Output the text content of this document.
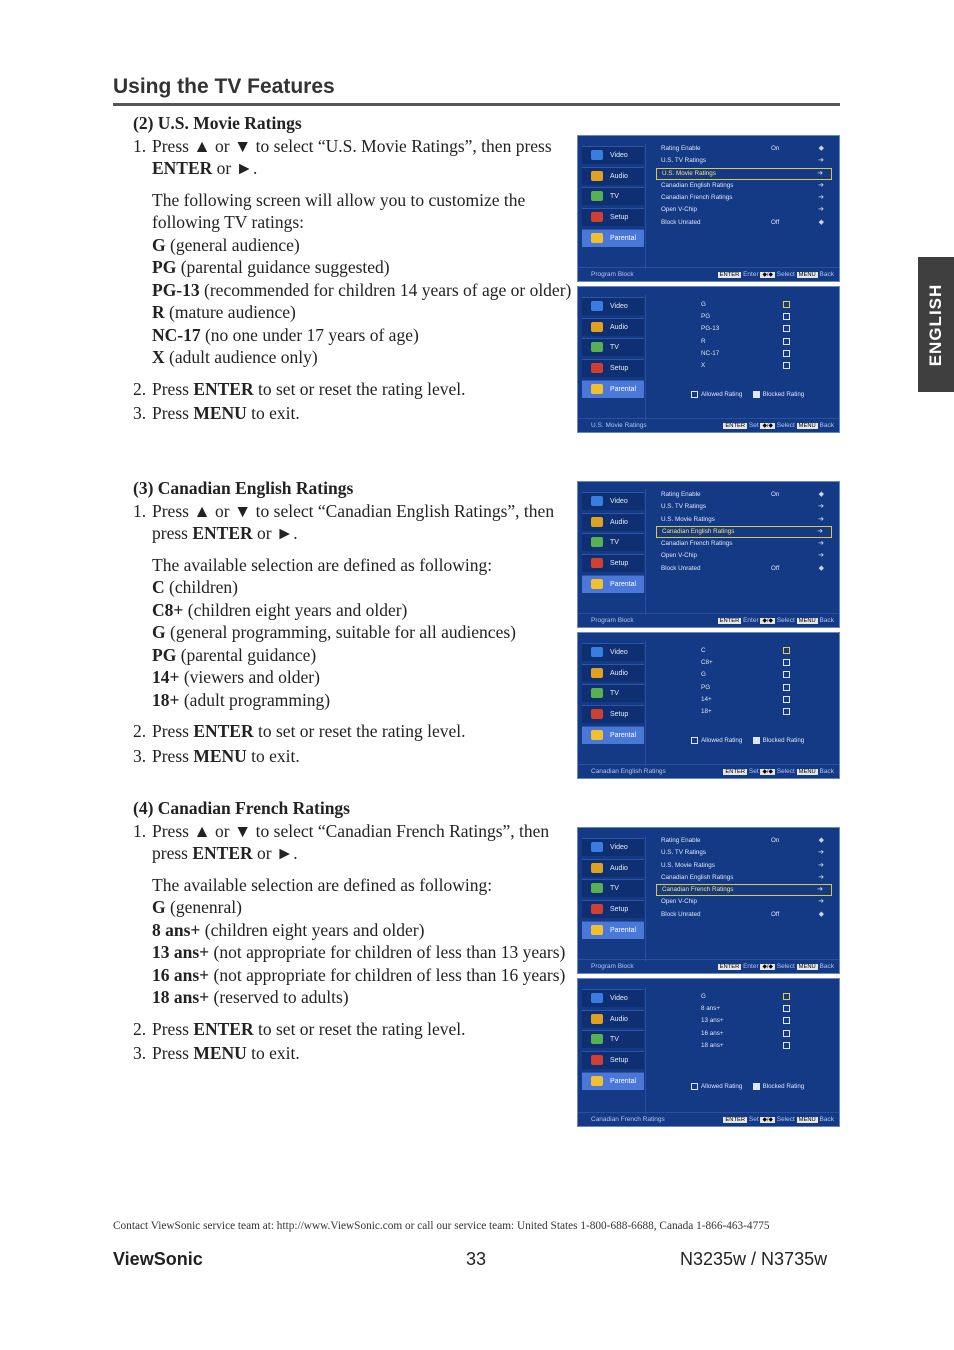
Using the TV Features
ENGLISH
(2) U.S. Movie Ratings
1. Press ▲ or ▼ to select “U.S. Movie Ratings”, then press ENTER or ►.
The following screen will allow you to customize the following TV ratings:
G (general audience)
PG (parental guidance suggested)
PG-13 (recommended for children 14 years of age or older)
R (mature audience)
NC-17 (no one under 17 years of age)
X (adult audience only)
2. Press ENTER to set or reset the rating level.
3. Press MENU to exit.
(3) Canadian English Ratings
1. Press ▲ or ▼ to select “Canadian English Ratings”, then press ENTER or ►.
The available selection are defined as following:
C (children)
C8+ (children eight years and older)
G (general programming, suitable for all audiences)
PG (parental guidance)
14+ (viewers and older)
18+ (adult programming)
2. Press ENTER to set or reset the rating level.
3. Press MENU to exit.
(4) Canadian French Ratings
1. Press ▲ or ▼ to select “Canadian French Ratings”, then press ENTER or ►.
The available selection are defined as following:
G (genenral)
8 ans+ (children eight years and older)
13 ans+ (not appropriate for children of less than 13 years)
16 ans+ (not appropriate for children of less than 16 years)
18 ans+ (reserved to adults)
2. Press ENTER to set or reset the rating level.
3. Press MENU to exit.
Video
Audio
TV
Setup
Parental
Rating Enable	On	◆
U.S. TV Ratings	➔
U.S. Movie Ratings	➔
Canadian English Ratings	➔
Canadian French Ratings	➔
Open V-Chip	➔
Block Unrated	Off	◆
Program Block	ENTER Enter ◆/◆ Select MENU Back
Video
Audio
TV
Setup
Parental
G
PG
PG-13
R
NC-17
X
Allowed Rating	Blocked Rating
U.S. Movie Ratings	ENTER Set ◆/◆ Select MENU Back
Video
Audio
TV
Setup
Parental
Rating Enable	On	◆
U.S. TV Ratings	➔
U.S. Movie Ratings	➔
Canadian English Ratings	➔
Canadian French Ratings	➔
Open V-Chip	➔
Block Unrated	Off	◆
Program Block	ENTER Enter ◆/◆ Select MENU Back
Video
Audio
TV
Setup
Parental
C
C8+
G
PG
14+
18+
Allowed Rating	Blocked Rating
Canadian English Ratings	ENTER Set ◆/◆ Select MENU Back
Video
Audio
TV
Setup
Parental
Rating Enable	On	◆
U.S. TV Ratings	➔
U.S. Movie Ratings	➔
Canadian English Ratings	➔
Canadian French Ratings	➔
Open V-Chip	➔
Block Unrated	Off	◆
Program Block	ENTER Enter ◆/◆ Select MENU Back
Video
Audio
TV
Setup
Parental
G
8 ans+
13 ans+
16 ans+
18 ans+
Allowed Rating	Blocked Rating
Canadian French Ratings	ENTER Set ◆/◆ Select MENU Back
Contact ViewSonic service team at: http://www.ViewSonic.com or call our service team: United States 1-800-688-6688, Canada 1-866-463-4775
ViewSonic	33	N3235w / N3735w
